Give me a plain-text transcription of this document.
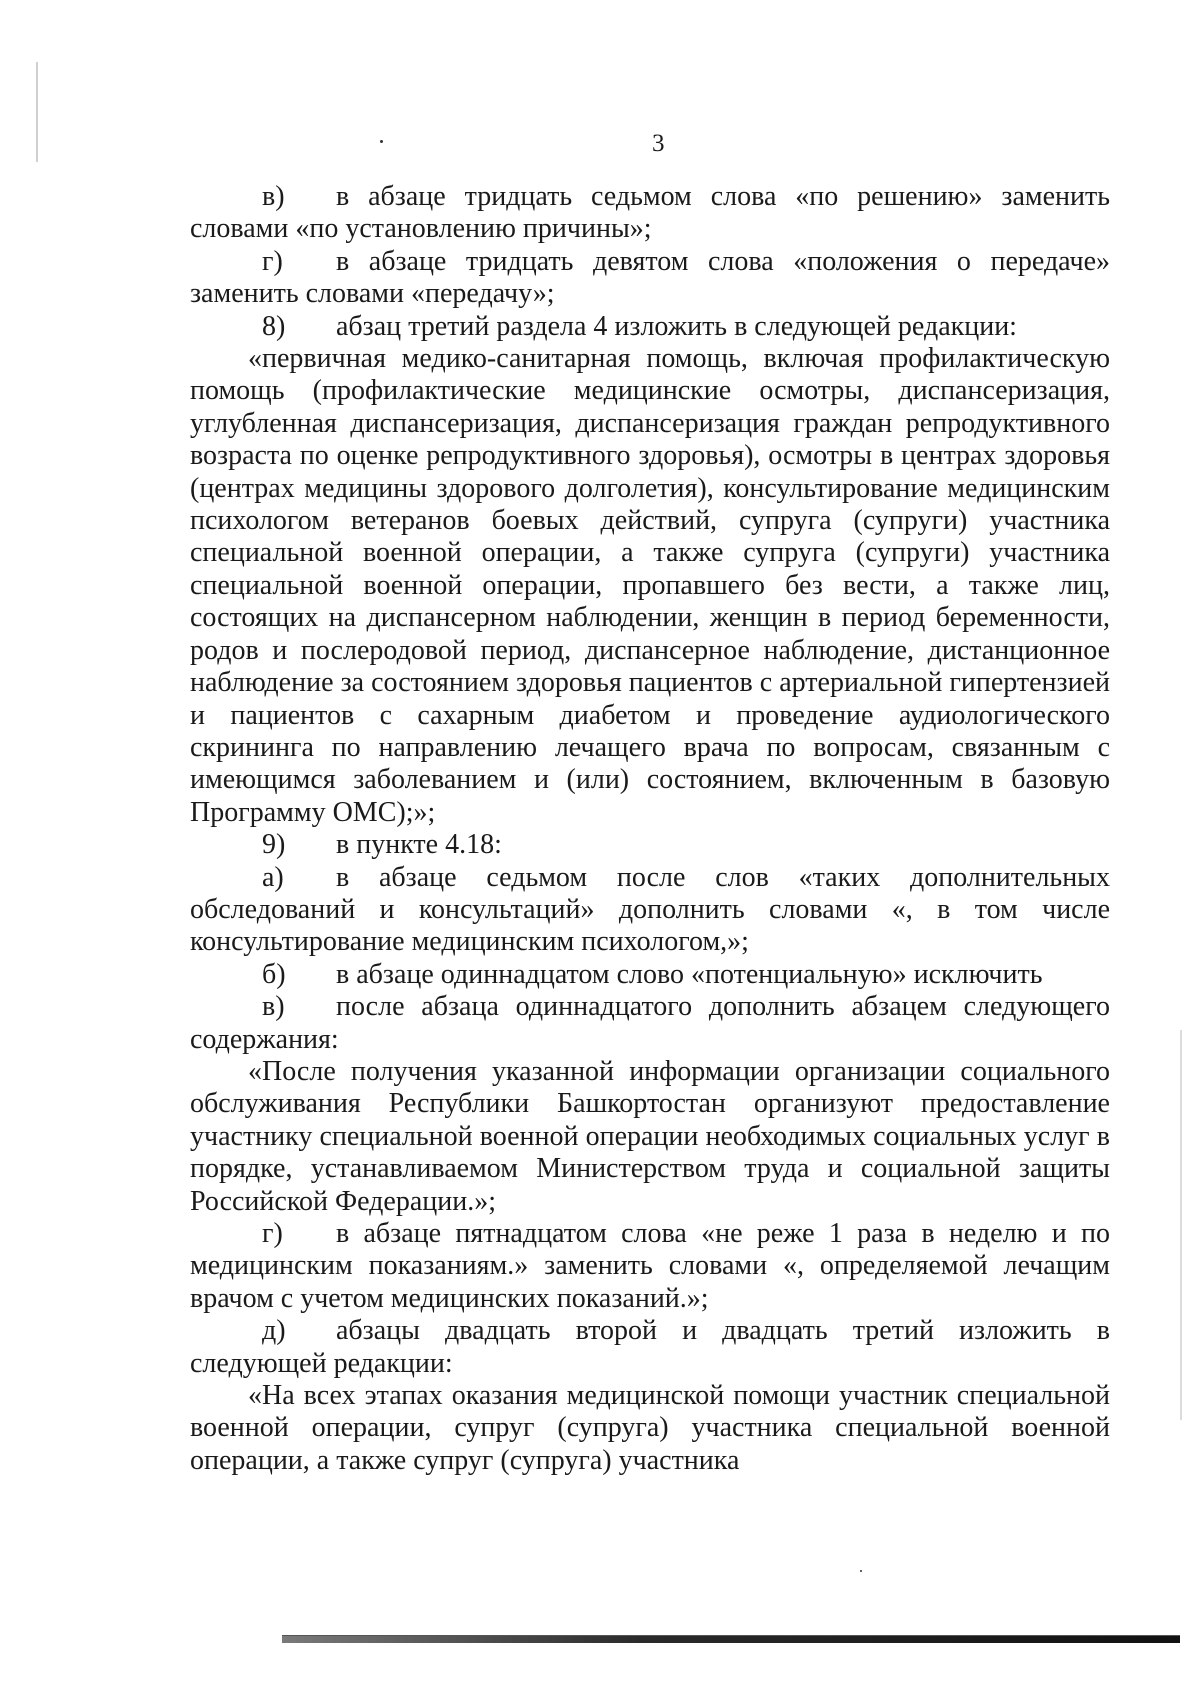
3

в) в абзаце тридцать седьмом слова «по решению» заменить словами «по установлению причины»;

г) в абзаце тридцать девятом слова «положения о передаче» заменить словами «передачу»;

8) абзац третий раздела 4 изложить в следующей редакции:

«первичная медико-санитарная помощь, включая профилактическую помощь (профилактические медицинские осмотры, диспансеризация, углубленная диспансеризация, диспансеризация граждан репродуктивного возраста по оценке репродуктивного здоровья), осмотры в центрах здоровья (центрах медицины здорового долголетия), консультирование медицинским психологом ветеранов боевых действий, супруга (супруги) участника специальной военной операции, а также супруга (супруги) участника специальной военной операции, пропавшего без вести, а также лиц, состоящих на диспансерном наблюдении, женщин в период беременности, родов и послеродовой период, диспансерное наблюдение, дистанционное наблюдение за состоянием здоровья пациентов с артериальной гипертензией и пациентов с сахарным диабетом и проведение аудиологического скрининга по направлению лечащего врача по вопросам, связанным с имеющимся заболеванием и (или) состоянием, включенным в базовую Программу ОМС);»;

9) в пункте 4.18:

а) в абзаце седьмом после слов «таких дополнительных обследований и консультаций» дополнить словами «, в том числе консультирование медицинским психологом,»;

б) в абзаце одиннадцатом слово «потенциальную» исключить

в) после абзаца одиннадцатого дополнить абзацем следующего содержания:

«После получения указанной информации организации социального обслуживания Республики Башкортостан организуют предоставление участнику специальной военной операции необходимых социальных услуг в порядке, устанавливаемом Министерством труда и социальной защиты Российской Федерации.»;

г) в абзаце пятнадцатом слова «не реже 1 раза в неделю и по медицинским показаниям.» заменить словами «, определяемой лечащим врачом с учетом медицинских показаний.»;

д) абзацы двадцать второй и двадцать третий изложить в следующей редакции:

«На всех этапах оказания медицинской помощи участник специальной военной операции, супруг (супруга) участника специальной военной операции, а также супруг (супруга) участника
